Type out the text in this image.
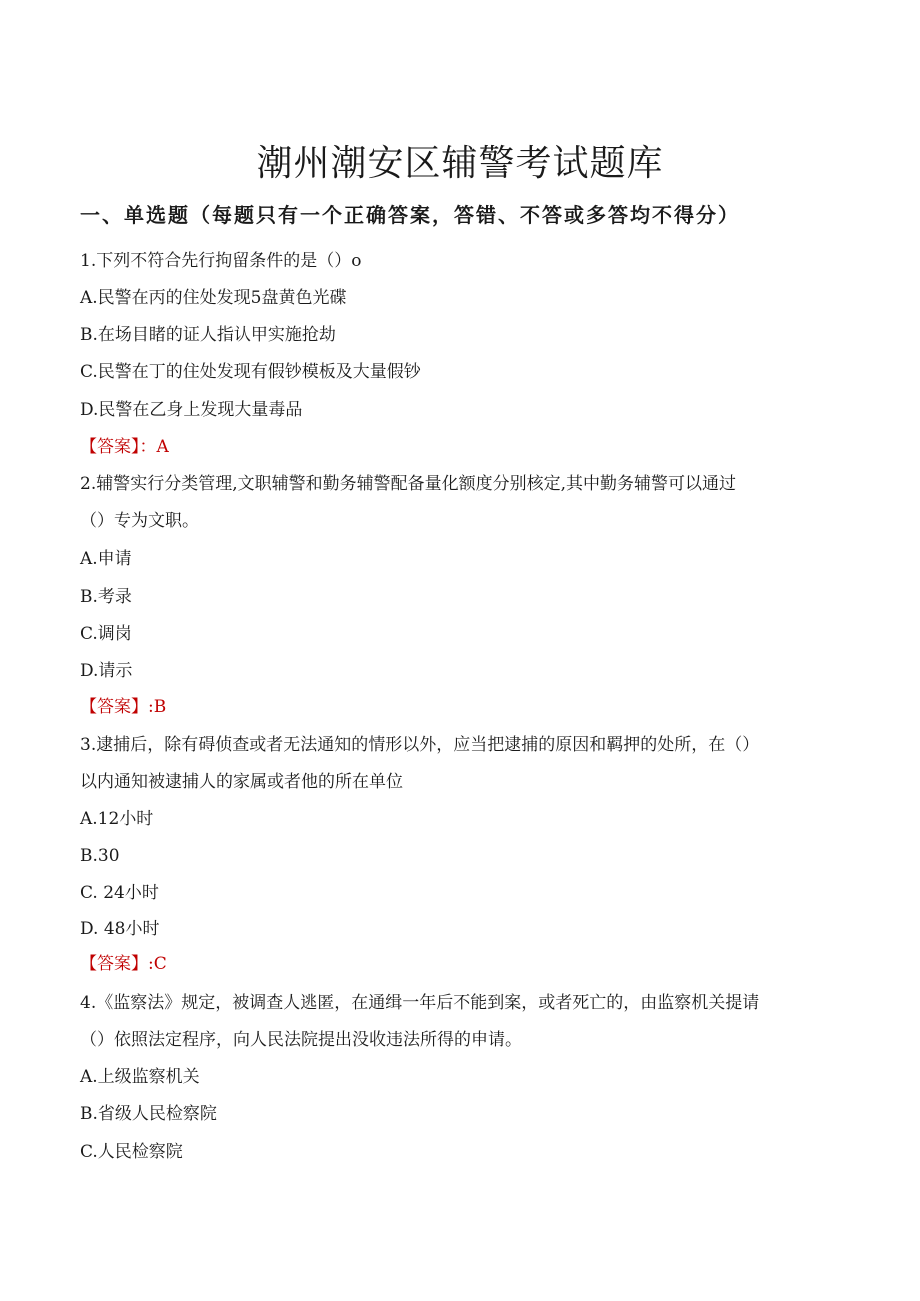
潮州潮安区辅警考试题库
一、单选题（每题只有一个正确答案，答错、不答或多答均不得分）

1.下列不符合先行拘留条件的是（）o

A.民警在丙的住处发现5盘黄色光碟

B.在场目睹的证人指认甲实施抢劫

C.民警在丁的住处发现有假钞模板及大量假钞

D.民警在乙身上发现大量毒品

【答案】：A

2.辅警实行分类管理,文职辅警和勤务辅警配备量化额度分别核定,其中勤务辅警可以通过

（）专为文职。

A.申请

B.考录

C.调岗

D.请示

【答案】:B

3.逮捕后，除有碍侦查或者无法通知的情形以外，应当把逮捕的原因和羁押的处所，在（）

以内通知被逮捕人的家属或者他的所在单位

A.12小时

B.30

C. 24小时

D. 48小时

【答案】:C

4.《监察法》规定，被调查人逃匿，在通缉一年后不能到案，或者死亡的，由监察机关提请

（）依照法定程序，向人民法院提出没收违法所得的申请。

A.上级监察机关

B.省级人民检察院

C.人民检察院
